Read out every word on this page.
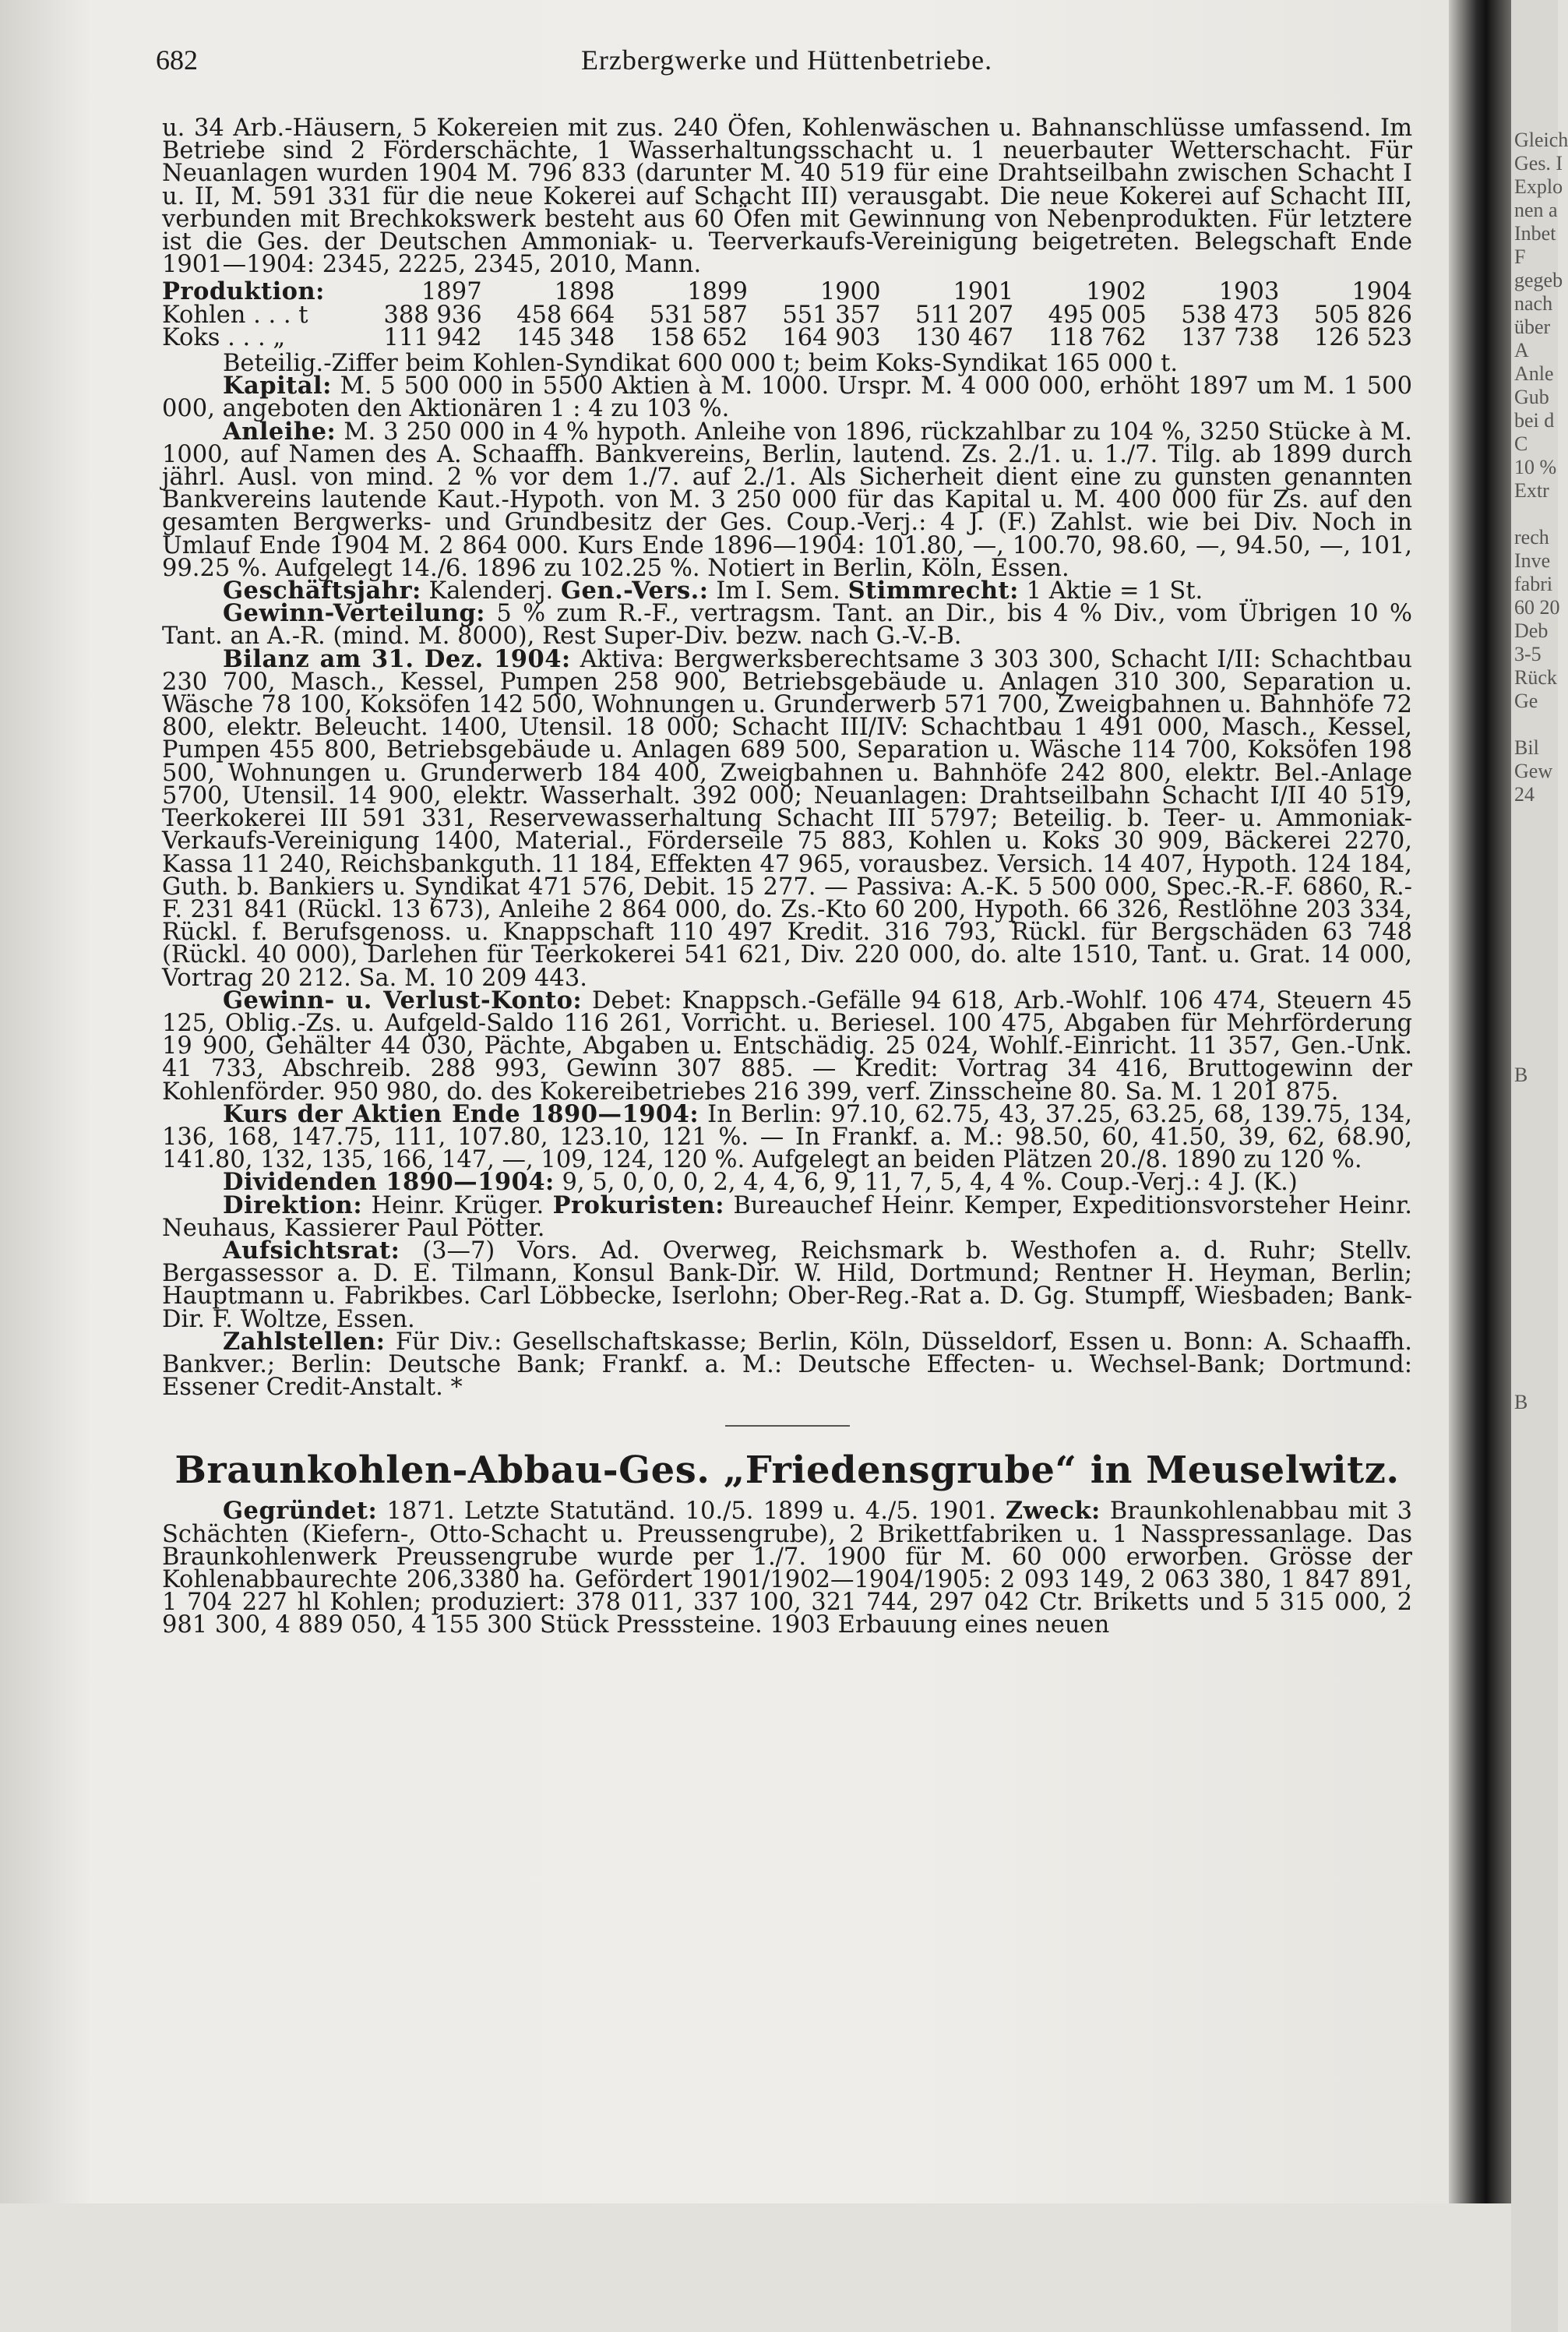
682	Erzbergwerke und Hüttenbetriebe.

u. 34 Arb.-Häusern, 5 Kokereien mit zus. 240 Öfen, Kohlenwäschen u. Bahnanschlüsse umfassend. Im Betriebe sind 2 Förderschächte, 1 Wasserhaltungsschacht u. 1 neuerbauter Wetterschacht. Für Neuanlagen wurden 1904 M. 796 833 (darunter M. 40 519 für eine Drahtseilbahn zwischen Schacht I u. II, M. 591 331 für die neue Kokerei auf Schacht III) verausgabt. Die neue Kokerei auf Schacht III, verbunden mit Brechkokswerk besteht aus 60 Öfen mit Gewinnung von Nebenprodukten. Für letztere ist die Ges. der Deutschen Ammoniak- u. Teerverkaufs-Vereinigung beigetreten. Belegschaft Ende 1901—1904: 2345, 2225, 2345, 2010, Mann.

Produktion:	1897	1898	1899	1900	1901	1902	1903	1904
Kohlen . . . t	388 936	458 664	531 587	551 357	511 207	495 005	538 473	505 826
Koks . . . „	111 942	145 348	158 652	164 903	130 467	118 762	137 738	126 523

Beteilig.-Ziffer beim Kohlen-Syndikat 600 000 t; beim Koks-Syndikat 165 000 t.

Kapital: M. 5 500 000 in 5500 Aktien à M. 1000. Urspr. M. 4 000 000, erhöht 1897 um M. 1 500 000, angeboten den Aktionären 1 : 4 zu 103 %.

Anleihe: M. 3 250 000 in 4 % hypoth. Anleihe von 1896, rückzahlbar zu 104 %, 3250 Stücke à M. 1000, auf Namen des A. Schaaffh. Bankvereins, Berlin, lautend. Zs. 2./1. u. 1./7. Tilg. ab 1899 durch jährl. Ausl. von mind. 2 % vor dem 1./7. auf 2./1. Als Sicherheit dient eine zu gunsten genannten Bankvereins lautende Kaut.-Hypoth. von M. 3 250 000 für das Kapital u. M. 400 000 für Zs. auf den gesamten Bergwerks- und Grundbesitz der Ges. Coup.-Verj.: 4 J. (F.) Zahlst. wie bei Div. Noch in Umlauf Ende 1904 M. 2 864 000. Kurs Ende 1896—1904: 101.80, —, 100.70, 98.60, —, 94.50, —, 101, 99.25 %. Aufgelegt 14./6. 1896 zu 102.25 %. Notiert in Berlin, Köln, Essen.

Geschäftsjahr: Kalenderj. Gen.-Vers.: Im I. Sem. Stimmrecht: 1 Aktie = 1 St.

Gewinn-Verteilung: 5 % zum R.-F., vertragsm. Tant. an Dir., bis 4 % Div., vom Übrigen 10 % Tant. an A.-R. (mind. M. 8000), Rest Super-Div. bezw. nach G.-V.-B.

Bilanz am 31. Dez. 1904: Aktiva: Bergwerksberechtsame 3 303 300, Schacht I/II: Schachtbau 230 700, Masch., Kessel, Pumpen 258 900, Betriebsgebäude u. Anlagen 310 300, Separation u. Wäsche 78 100, Koksöfen 142 500, Wohnungen u. Grunderwerb 571 700, Zweigbahnen u. Bahnhöfe 72 800, elektr. Beleucht. 1400, Utensil. 18 000; Schacht III/IV: Schachtbau 1 491 000, Masch., Kessel, Pumpen 455 800, Betriebsgebäude u. Anlagen 689 500, Separation u. Wäsche 114 700, Koksöfen 198 500, Wohnungen u. Grunderwerb 184 400, Zweigbahnen u. Bahnhöfe 242 800, elektr. Bel.-Anlage 5700, Utensil. 14 900, elektr. Wasserhalt. 392 000; Neuanlagen: Drahtseilbahn Schacht I/II 40 519, Teerkokerei III 591 331, Reservewasserhaltung Schacht III 5797; Beteilig. b. Teer- u. Ammoniak-Verkaufs-Vereinigung 1400, Material., Förderseile 75 883, Kohlen u. Koks 30 909, Bäckerei 2270, Kassa 11 240, Reichsbankguth. 11 184, Effekten 47 965, vorausbez. Versich. 14 407, Hypoth. 124 184, Guth. b. Bankiers u. Syndikat 471 576, Debit. 15 277. — Passiva: A.-K. 5 500 000, Spec.-R.-F. 6860, R.-F. 231 841 (Rückl. 13 673), Anleihe 2 864 000, do. Zs.-Kto 60 200, Hypoth. 66 326, Restlöhne 203 334, Rückl. f. Berufsgenoss. u. Knappschaft 110 497 Kredit. 316 793, Rückl. für Bergschäden 63 748 (Rückl. 40 000), Darlehen für Teerkokerei 541 621, Div. 220 000, do. alte 1510, Tant. u. Grat. 14 000, Vortrag 20 212. Sa. M. 10 209 443.

Gewinn- u. Verlust-Konto: Debet: Knappsch.-Gefälle 94 618, Arb.-Wohlf. 106 474, Steuern 45 125, Oblig.-Zs. u. Aufgeld-Saldo 116 261, Vorricht. u. Beriesel. 100 475, Abgaben für Mehrförderung 19 900, Gehälter 44 030, Pächte, Abgaben u. Entschädig. 25 024, Wohlf.-Einricht. 11 357, Gen.-Unk. 41 733, Abschreib. 288 993, Gewinn 307 885. — Kredit: Vortrag 34 416, Bruttogewinn der Kohlenförder. 950 980, do. des Kokereibetriebes 216 399, verf. Zinsscheine 80. Sa. M. 1 201 875.

Kurs der Aktien Ende 1890—1904: In Berlin: 97.10, 62.75, 43, 37.25, 63.25, 68, 139.75, 134, 136, 168, 147.75, 111, 107.80, 123.10, 121 %. — In Frankf. a. M.: 98.50, 60, 41.50, 39, 62, 68.90, 141.80, 132, 135, 166, 147, —, 109, 124, 120 %. Aufgelegt an beiden Plätzen 20./8. 1890 zu 120 %.

Dividenden 1890—1904: 9, 5, 0, 0, 0, 2, 4, 4, 6, 9, 11, 7, 5, 4, 4 %. Coup.-Verj.: 4 J. (K.)

Direktion: Heinr. Krüger. Prokuristen: Bureauchef Heinr. Kemper, Expeditionsvorsteher Heinr. Neuhaus, Kassierer Paul Pötter.

Aufsichtsrat: (3—7) Vors. Ad. Overweg, Reichsmark b. Westhofen a. d. Ruhr; Stellv. Bergassessor a. D. E. Tilmann, Konsul Bank-Dir. W. Hild, Dortmund; Rentner H. Heyman, Berlin; Hauptmann u. Fabrikbes. Carl Löbbecke, Iserlohn; Ober-Reg.-Rat a. D. Gg. Stumpff, Wiesbaden; Bank-Dir. F. Woltze, Essen.

Zahlstellen: Für Div.: Gesellschaftskasse; Berlin, Köln, Düsseldorf, Essen u. Bonn: A. Schaaffh. Bankver.; Berlin: Deutsche Bank; Frankf. a. M.: Deutsche Effecten- u. Wechsel-Bank; Dortmund: Essener Credit-Anstalt. *

Braunkohlen-Abbau-Ges. „Friedensgrube“ in Meuselwitz.

Gegründet: 1871. Letzte Statutänd. 10./5. 1899 u. 4./5. 1901. Zweck: Braunkohlenabbau mit 3 Schächten (Kiefern-, Otto-Schacht u. Preussengrube), 2 Brikettfabriken u. 1 Nasspressanlage. Das Braunkohlenwerk Preussengrube wurde per 1./7. 1900 für M. 60 000 erworben. Grösse der Kohlenabbaurechte 206,3380 ha. Gefördert 1901/1902—1904/1905: 2 093 149, 2 063 380, 1 847 891, 1 704 227 hl Kohlen; produziert: 378 011, 337 100, 321 744, 297 042 Ctr. Briketts und 5 315 000, 2 981 300, 4 889 050, 4 155 300 Stück Presssteine. 1903 Erbauung eines neuen

Gleich
Ges. I
Explo
nen a
Inbet
F
gegeb
nach
über
A
Anle
Gub
bei d
C
10 %
Extr
rech
Inve
fabri
60 20
Deb
3-5
Rück
Ge
Bil
Gew
24
B
B
